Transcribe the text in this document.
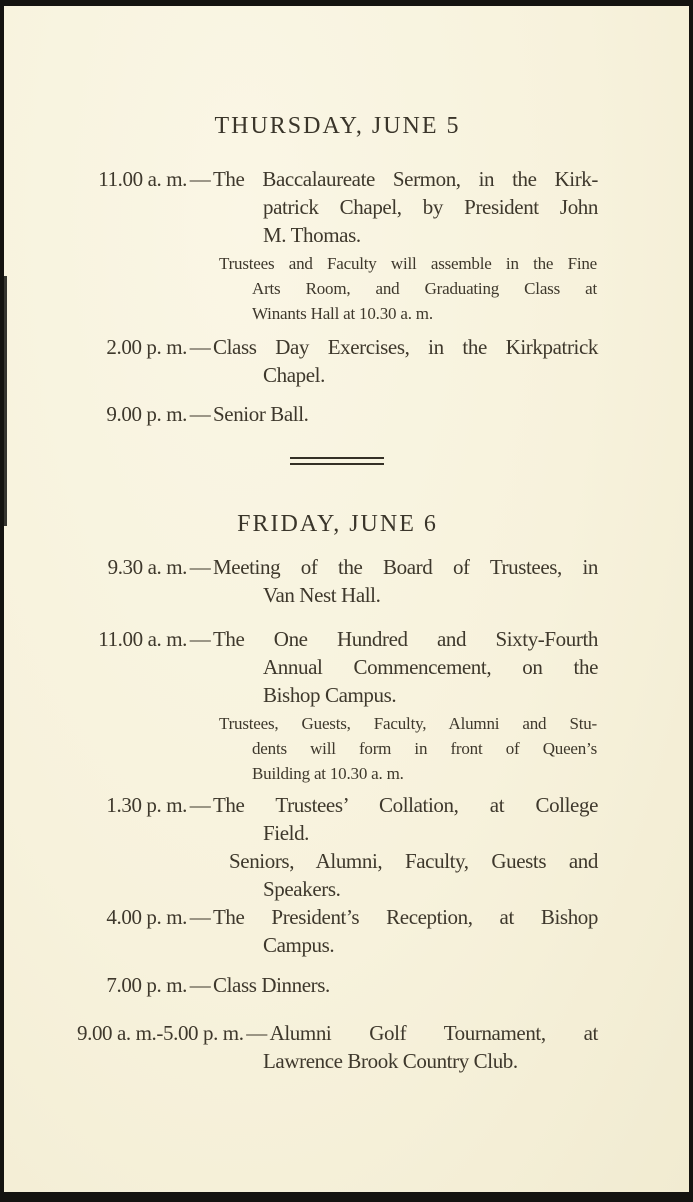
THURSDAY, JUNE 5
11.00 a. m. — The Baccalaureate Sermon, in the Kirk-
patrick Chapel, by President John
M. Thomas.
Trustees and Faculty will assemble in the Fine
Arts Room, and Graduating Class at
Winants Hall at 10.30 a. m.
2.00 p. m. — Class Day Exercises, in the Kirkpatrick
Chapel.
9.00 p. m. — Senior Ball.
FRIDAY, JUNE 6
9.30 a. m. — Meeting of the Board of Trustees, in
Van Nest Hall.
11.00 a. m. — The One Hundred and Sixty-Fourth
Annual Commencement, on the
Bishop Campus.
Trustees, Guests, Faculty, Alumni and Stu-
dents will form in front of Queen’s
Building at 10.30 a. m.
1.30 p. m. — The Trustees’ Collation, at College
Field.
Seniors, Alumni, Faculty, Guests and
Speakers.
4.00 p. m. — The President’s Reception, at Bishop
Campus.
7.00 p. m. — Class Dinners.
9.00 a. m.-5.00 p. m. — Alumni Golf Tournament, at
Lawrence Brook Country Club.
